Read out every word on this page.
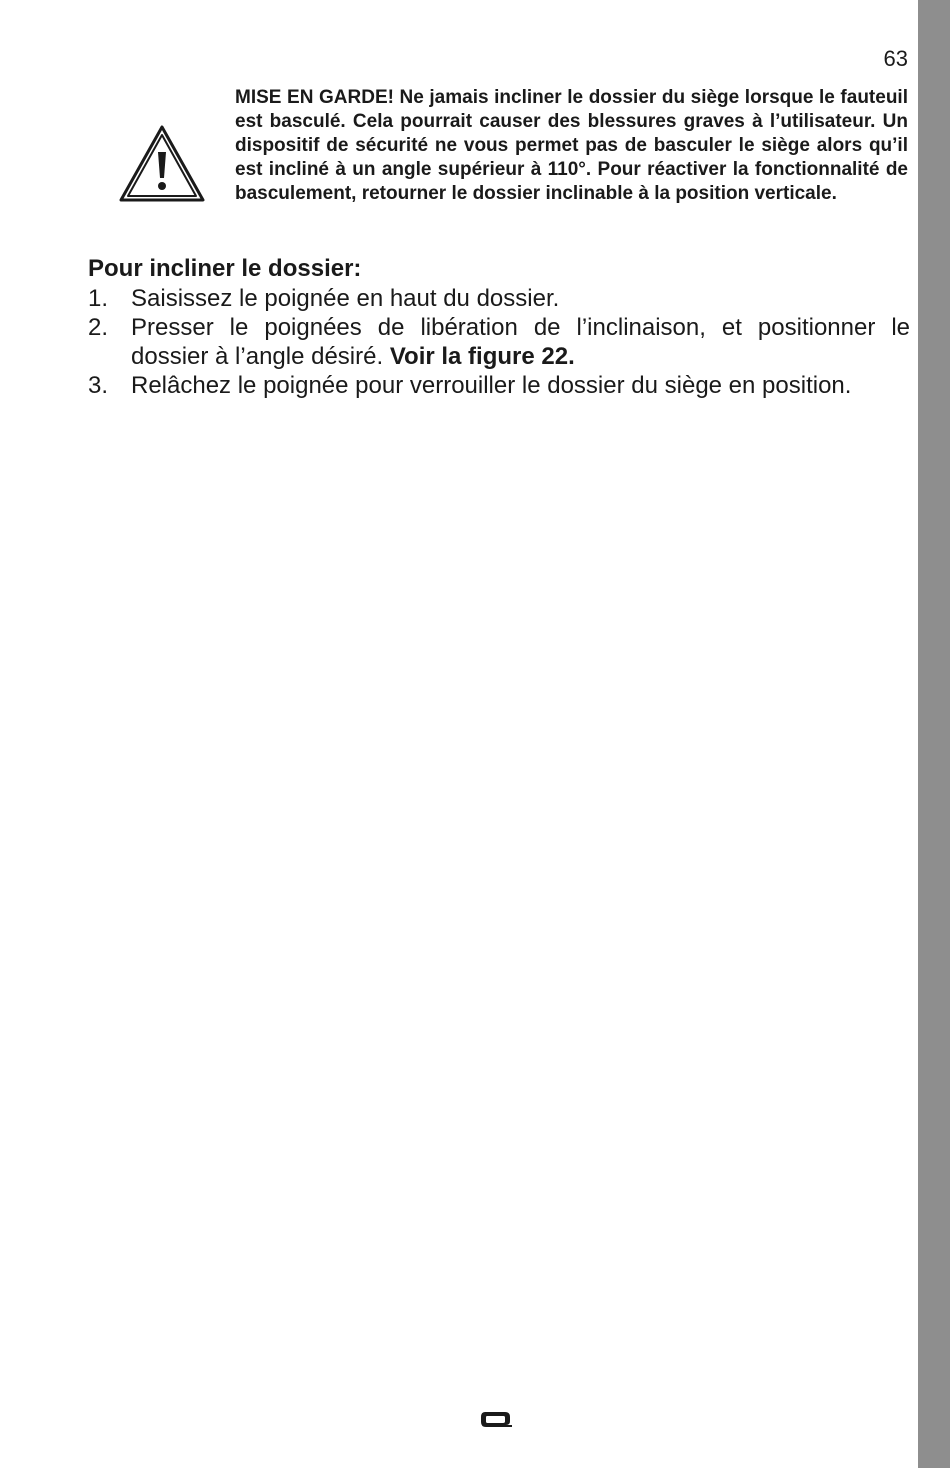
63

MISE EN GARDE! Ne jamais incliner le dossier du siège lorsque le fauteuil est basculé. Cela pourrait causer des blessures graves à l’utilisateur. Un dispositif de sécurité ne vous permet pas de basculer le siège alors qu’il est incliné à un angle supérieur à 110°. Pour réactiver la fonctionnalité de basculement, retourner le dossier inclinable à la position verticale.

Pour incliner le dossier:
1. Saisissez le poignée en haut du dossier.
2. Presser le poignées de libération de l’inclinaison, et positionner le dossier à l’angle désiré. Voir la figure 22.
3. Relâchez le poignée pour verrouiller le dossier du siège en position.
